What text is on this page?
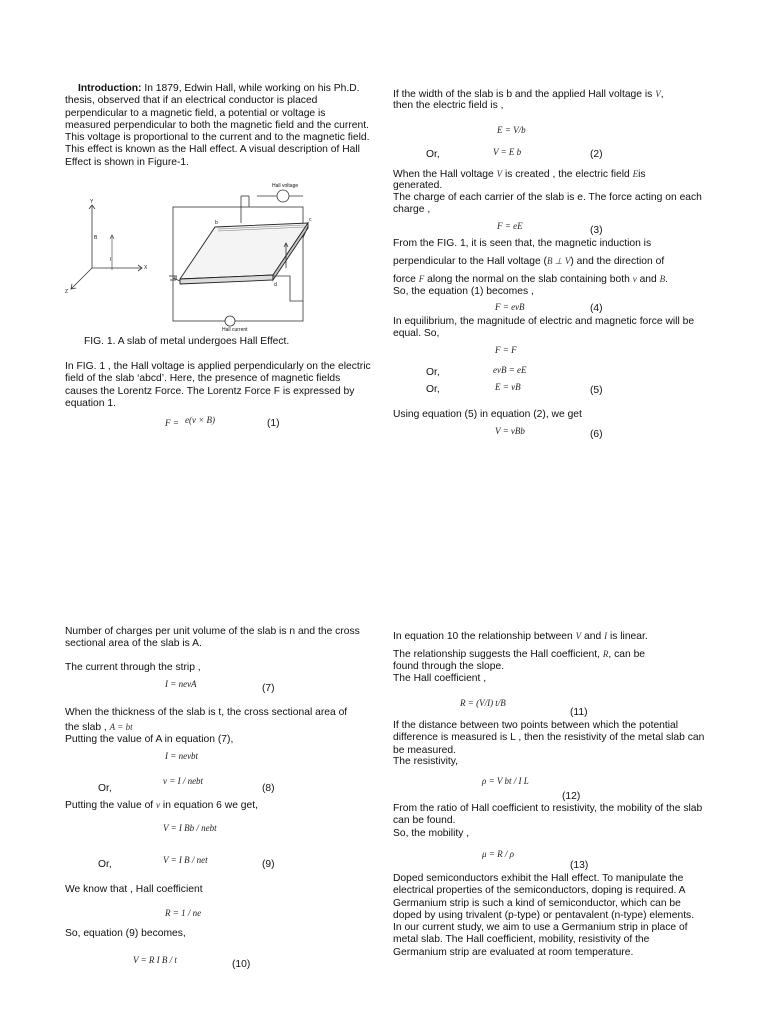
Introduction: In 1879, Edwin Hall, while working on his Ph.D. thesis, observed that if an electrical conductor is placed perpendicular to a magnetic field, a potential or voltage is measured perpendicular to both the magnetic field and the current. This voltage is proportional to the current and to the magnetic field. This effect is known as the Hall effect. A visual description of Hall Effect is shown in Figure-1.
Hall voltage
Hall current
Y
X
Z
B
I
a
b	c
d
FIG. 1. A slab of metal undergoes Hall Effect.
In FIG. 1 , the Hall voltage is applied perpendicularly on the electric field of the slab ‘abcd’. Here, the presence of magnetic fields causes the Lorentz Force. The Lorentz Force F is expressed by equation 1.
F = e(v × B)	(1)
If the width of the slab is b and the applied Hall voltage is V,
then the electric field is ,
E = V/b
Or,	V = E b	(2)
When the Hall voltage V is created , the electric field Eis
generated.
The charge of each carrier of the slab is e. The force acting on each charge ,
F = eE	(3)
From the FIG. 1, it is seen that, the magnetic induction is
perpendicular to the Hall voltage (B ⊥ V) and the direction of
force F along the normal on the slab containing both v and B.
So, the equation (1) becomes ,
F = evB	(4)
In equilibrium, the magnitude of electric and magnetic force will be equal. So,
F = F
Or,	evB = eE
Or,	E = vB	(5)
Using equation (5) in equation (2), we get
V = vBb	(6)
Number of charges per unit volume of the slab is n and the cross sectional area of the slab is A.
The current through the strip ,
I = nevA	(7)
When the thickness of the slab is t, the cross sectional area of
the slab , A = bt
Putting the value of A in equation (7),
I = nevbt
Or,
v = I / nebt
(8)
Putting the value of v in equation 6 we get,
V = I Bb / nebt
Or,	V = I B / net	(9)
We know that , Hall coefficient
R = 1 / ne
So, equation (9) becomes,
V = R I B / t	(10)
In equation 10 the relationship between V and I is linear.
The relationship suggests the Hall coefficient, R, can be
found through the slope.
The Hall coefficient ,
R = (V/I) t/B
(11)
If the distance between two points between which the potential difference is measured is L , then the resistivity of the metal slab can be measured.
The resistivity,
ρ = V bt / I L
(12)
From the ratio of Hall coefficient to resistivity, the mobility of the slab can be found.
So, the mobility ,
μ = R / ρ
(13)
Doped semiconductors exhibit the Hall effect. To manipulate the electrical properties of the semiconductors, doping is required. A Germanium strip is such a kind of semiconductor, which can be doped by using trivalent (p-type) or pentavalent (n-type) elements. In our current study, we aim to use a Germanium strip in place of metal slab. The Hall coefficient, mobility, resistivity of the Germanium strip are evaluated at room temperature.
